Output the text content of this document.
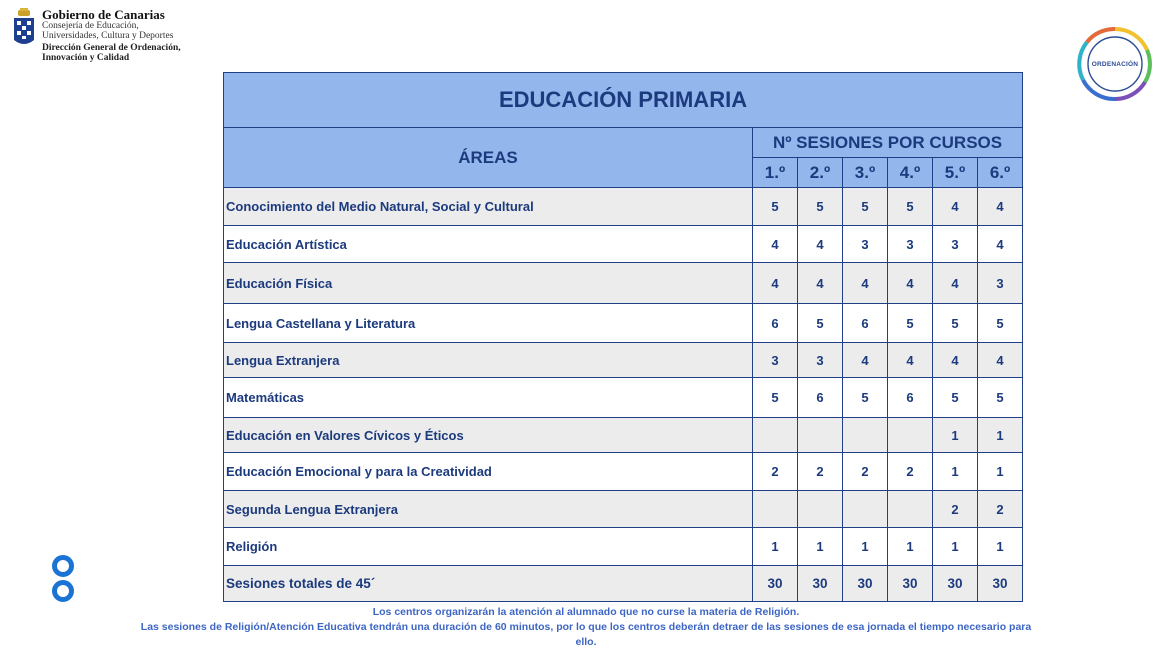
Gobierno de Canarias
Consejería de Educación,
Universidades, Cultura y Deportes
Dirección General de Ordenación,
Innovación y Calidad
ORDENACIÓN
EDUCACIÓN PRIMARIA						
ÁREAS	Nº SESIONES POR CURSOS					
	1.º	2.º	3.º	4.º	5.º	6.º
Conocimiento del Medio Natural, Social y Cultural	5	5	5	5	4	4
Educación Artística	4	4	3	3	3	4
Educación Física	4	4	4	4	4	3
Lengua Castellana y Literatura	6	5	6	5	5	5
Lengua Extranjera	3	3	4	4	4	4
Matemáticas	5	6	5	6	5	5
Educación en Valores Cívicos y Éticos					1	1
Educación Emocional y para la Creatividad	2	2	2	2	1	1
Segunda Lengua Extranjera					2	2
Religión	1	1	1	1	1	1
Sesiones totales de 45´	30	30	30	30	30	30
Los centros organizarán la atención al alumnado que no curse la materia de Religión.
Las sesiones de Religión/Atención Educativa tendrán una duración de 60 minutos, por lo que los centros deberán detraer de las sesiones de esa jornada el tiempo necesario para ello.
